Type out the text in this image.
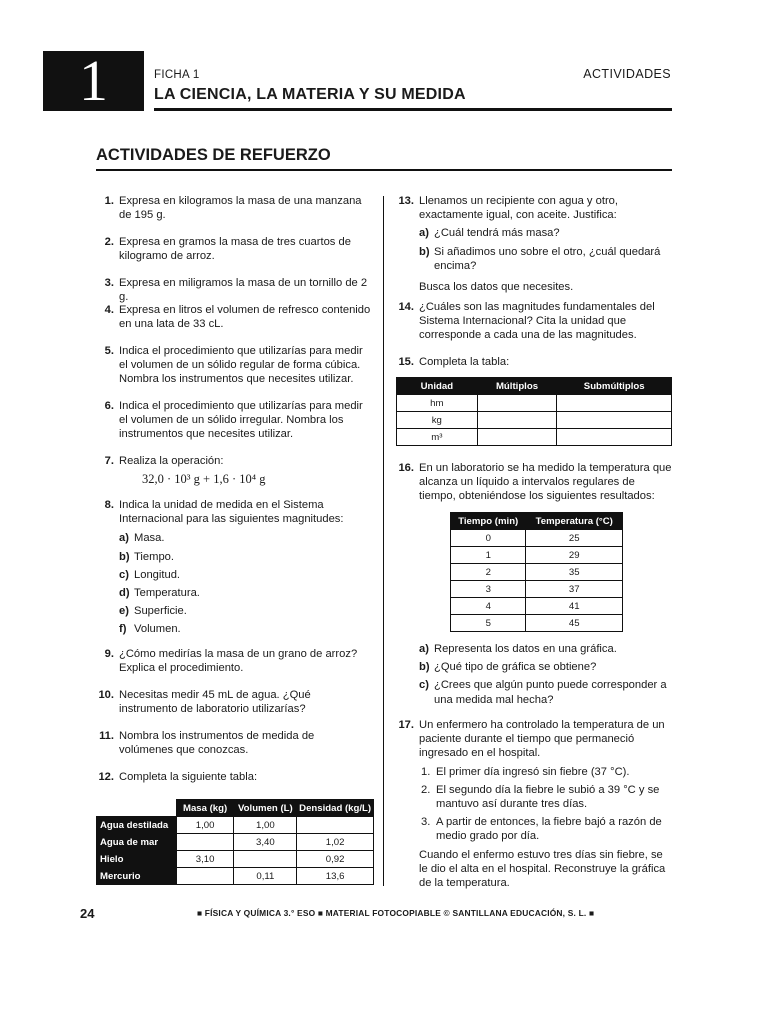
1	FICHA 1
LA CIENCIA, LA MATERIA Y SU MEDIDA
ACTIVIDADES
ACTIVIDADES DE REFUERZO
1. Expresa en kilogramos la masa de una manzana de 195 g.
2. Expresa en gramos la masa de tres cuartos de kilogramo de arroz.
3. Expresa en miligramos la masa de un tornillo de 2 g.
4. Expresa en litros el volumen de refresco contenido en una lata de 33 cL.
5. Indica el procedimiento que utilizarías para medir el volumen de un sólido regular de forma cúbica. Nombra los instrumentos que necesites utilizar.
6. Indica el procedimiento que utilizarías para medir el volumen de un sólido irregular. Nombra los instrumentos que necesites utilizar.
7. Realiza la operación:
32,0 · 10³ g + 1,6 · 10⁴ g
8. Indica la unidad de medida en el Sistema Internacional para las siguientes magnitudes:
a) Masa.
b) Tiempo.
c) Longitud.
d) Temperatura.
e) Superficie.
f) Volumen.
9. ¿Cómo medirías la masa de un grano de arroz? Explica el procedimiento.
10. Necesitas medir 45 mL de agua. ¿Qué instrumento de laboratorio utilizarías?
11. Nombra los instrumentos de medida de volúmenes que conozcas.
12. Completa la siguiente tabla:
	Masa (kg)	Volumen (L)	Densidad (kg/L)
Agua destilada	1,00	1,00	
Agua de mar		3,40	1,02
Hielo	3,10		0,92
Mercurio		0,11	13,6
13. Llenamos un recipiente con agua y otro, exactamente igual, con aceite. Justifica:
a) ¿Cuál tendrá más masa?
b) Si añadimos uno sobre el otro, ¿cuál quedará encima?
Busca los datos que necesites.
14. ¿Cuáles son las magnitudes fundamentales del Sistema Internacional? Cita la unidad que corresponde a cada una de las magnitudes.
15. Completa la tabla:
Unidad	Múltiplos	Submúltiplos
hm		
kg		
m³		
16. En un laboratorio se ha medido la temperatura que alcanza un líquido a intervalos regulares de tiempo, obteniéndose los siguientes resultados:
Tiempo (min)	Temperatura (°C)
0	25
1	29
2	35
3	37
4	41
5	45
a) Representa los datos en una gráfica.
b) ¿Qué tipo de gráfica se obtiene?
c) ¿Crees que algún punto puede corresponder a una medida mal hecha?
17. Un enfermero ha controlado la temperatura de un paciente durante el tiempo que permaneció ingresado en el hospital.
1. El primer día ingresó sin fiebre (37 °C).
2. El segundo día la fiebre le subió a 39 °C y se mantuvo así durante tres días.
3. A partir de entonces, la fiebre bajó a razón de medio grado por día.
Cuando el enfermo estuvo tres días sin fiebre, se le dio el alta en el hospital. Reconstruye la gráfica de la temperatura.
24	■ FÍSICA Y QUÍMICA 3.° ESO ■ MATERIAL FOTOCOPIABLE © SANTILLANA EDUCACIÓN, S. L. ■
